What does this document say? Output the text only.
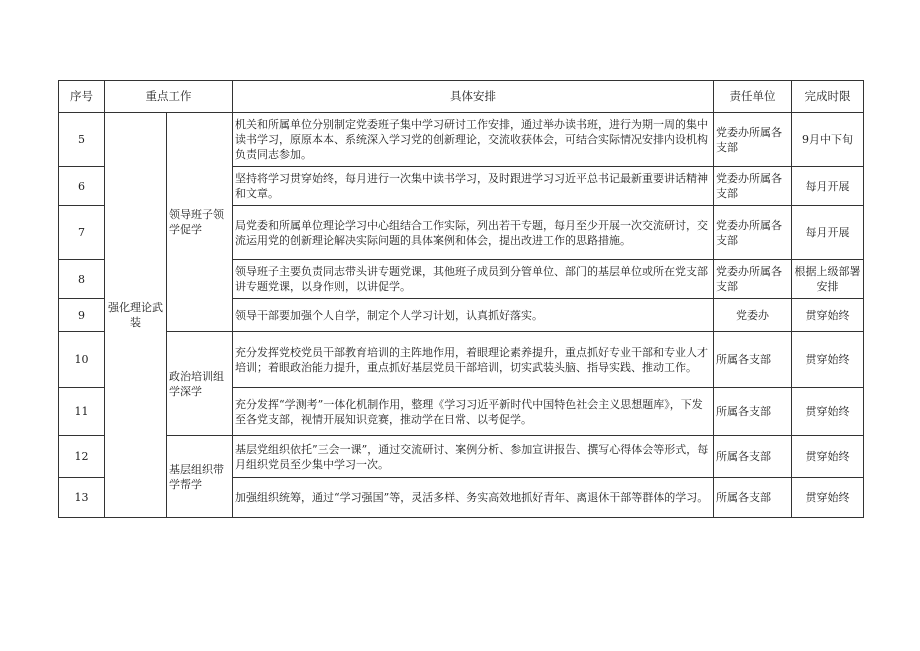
序号	重点工作		具体安排	责任单位	完成时限
5	强化理论武装	领导班子领学促学	机关和所属单位分别制定党委班子集中学习研讨工作安排，通过举办读书班，进行为期一周的集中读书学习，原原本本、系统深入学习党的创新理论，交流收获体会，可结合实际情况安排内设机构负责同志参加。	党委办所属各支部	9月中下旬
6			坚持将学习贯穿始终，每月进行一次集中读书学习，及时跟进学习习近平总书记最新重要讲话精神和文章。	党委办所属各支部	每月开展
7			局党委和所属单位理论学习中心组结合工作实际，列出若干专题，每月至少开展一次交流研讨，交流运用党的创新理论解决实际问题的具体案例和体会，提出改进工作的思路措施。	党委办所属各支部	每月开展
8			领导班子主要负责同志带头讲专题党课，其他班子成员到分管单位、部门的基层单位或所在党支部讲专题党课，以身作则，以讲促学。	党委办所属各支部	根据上级部署安排
9			领导干部要加强个人自学，制定个人学习计划，认真抓好落实。	党委办	贯穿始终
10		政治培训组学深学	充分发挥党校党员干部教育培训的主阵地作用，着眼理论素养提升，重点抓好专业干部和专业人才培训；着眼政治能力提升，重点抓好基层党员干部培训，切实武装头脑、指导实践、推动工作。	所属各支部	贯穿始终
11			充分发挥“学测考”一体化机制作用，整理《学习习近平新时代中国特色社会主义思想题库》，下发至各党支部，视情开展知识竞赛，推动学在日常、以考促学。	所属各支部	贯穿始终
12		基层组织带学帮学	基层党组织依托”三会一课”，通过交流研讨、案例分析、参加宣讲报告、撰写心得体会等形式，每月组织党员至少集中学习一次。	所属各支部	贯穿始终
13			加强组织统筹，通过“学习强国”等，灵活多样、务实高效地抓好青年、离退休干部等群体的学习。	所属各支部	贯穿始终
